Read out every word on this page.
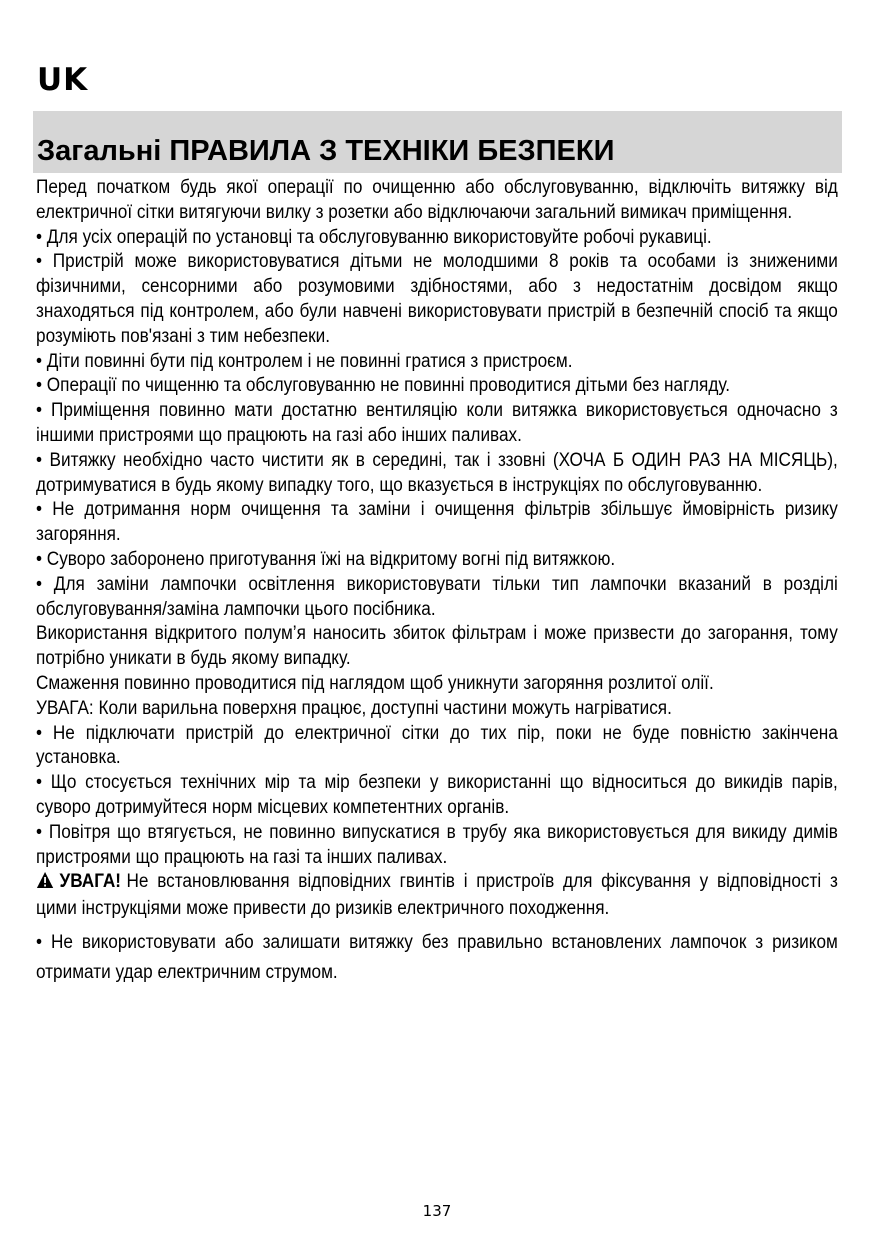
UK
Загальні ПРАВИЛА З ТЕХНІКИ БЕЗПЕКИ

Перед початком будь якої операції по очищенню або обслуговуванню, відключіть витяжку від електричної сітки витягуючи вилку з розетки або відключаючи загальний вимикач приміщення.

• Для усіх операцій по установці та обслуговуванню використовуйте робочі рукавиці.

• Пристрій може використовуватися дітьми не молодшими 8 років та особами із зниженими фізичними, сенсорними або розумовими здібностями, або з недостатнім досвідом якщо знаходяться під контролем, або були навчені використовувати пристрій в безпечній спосіб та якщо розуміють пов'язані з тим небезпеки.

• Діти повинні бути під контролем і не повинні гратися з пристроєм.

• Операції по чищенню та обслуговуванню не повинні проводитися дітьми без нагляду.

• Приміщення повинно мати достатню вентиляцію коли витяжка використовується одночасно з іншими пристроями що працюють на газі або інших паливах.

• Витяжку необхідно часто чистити як в середині, так і ззовні (ХОЧА Б ОДИН РАЗ НА МІСЯЦЬ), дотримуватися в будь якому випадку того, що вказується в інструкціях по обслуговуванню.

• Не дотримання норм очищення та заміни і очищення фільтрів збільшує ймовірність ризику загоряння.

• Суворо заборонено приготування їжі на відкритому вогні під витяжкою.

• Для заміни лампочки освітлення використовувати тільки тип лампочки вказаний в розділі обслуговування/заміна лампочки цього посібника.

Використання відкритого полум’я наносить збиток фільтрам і може призвести до загорання, тому потрібно уникати в будь якому випадку.

Смаження повинно проводитися під наглядом щоб уникнути загоряння розлитої олії.

УВАГА: Коли варильна поверхня працює, доступні частини можуть нагріватися.

• Не підключати пристрій до електричної сітки до тих пір, поки не буде повністю закінчена установка.

• Що стосується технічних мір та мір безпеки у використанні що відноситься до викидів парів, суворо дотримуйтеся норм місцевих компетентних органів.

• Повітря що втягується, не повинно випускатися в трубу яка використовується для викиду димів пристроями що працюють на газі та інших паливах.

УВАГА! Не встановлювання відповідних гвинтів і пристроїв для фіксування у відповідності з цими інструкціями може привести до ризиків електричного походження.

• Не використовувати або залишати витяжку без правильно встановлених лампочок з ризиком отримати удар електричним струмом.

137
